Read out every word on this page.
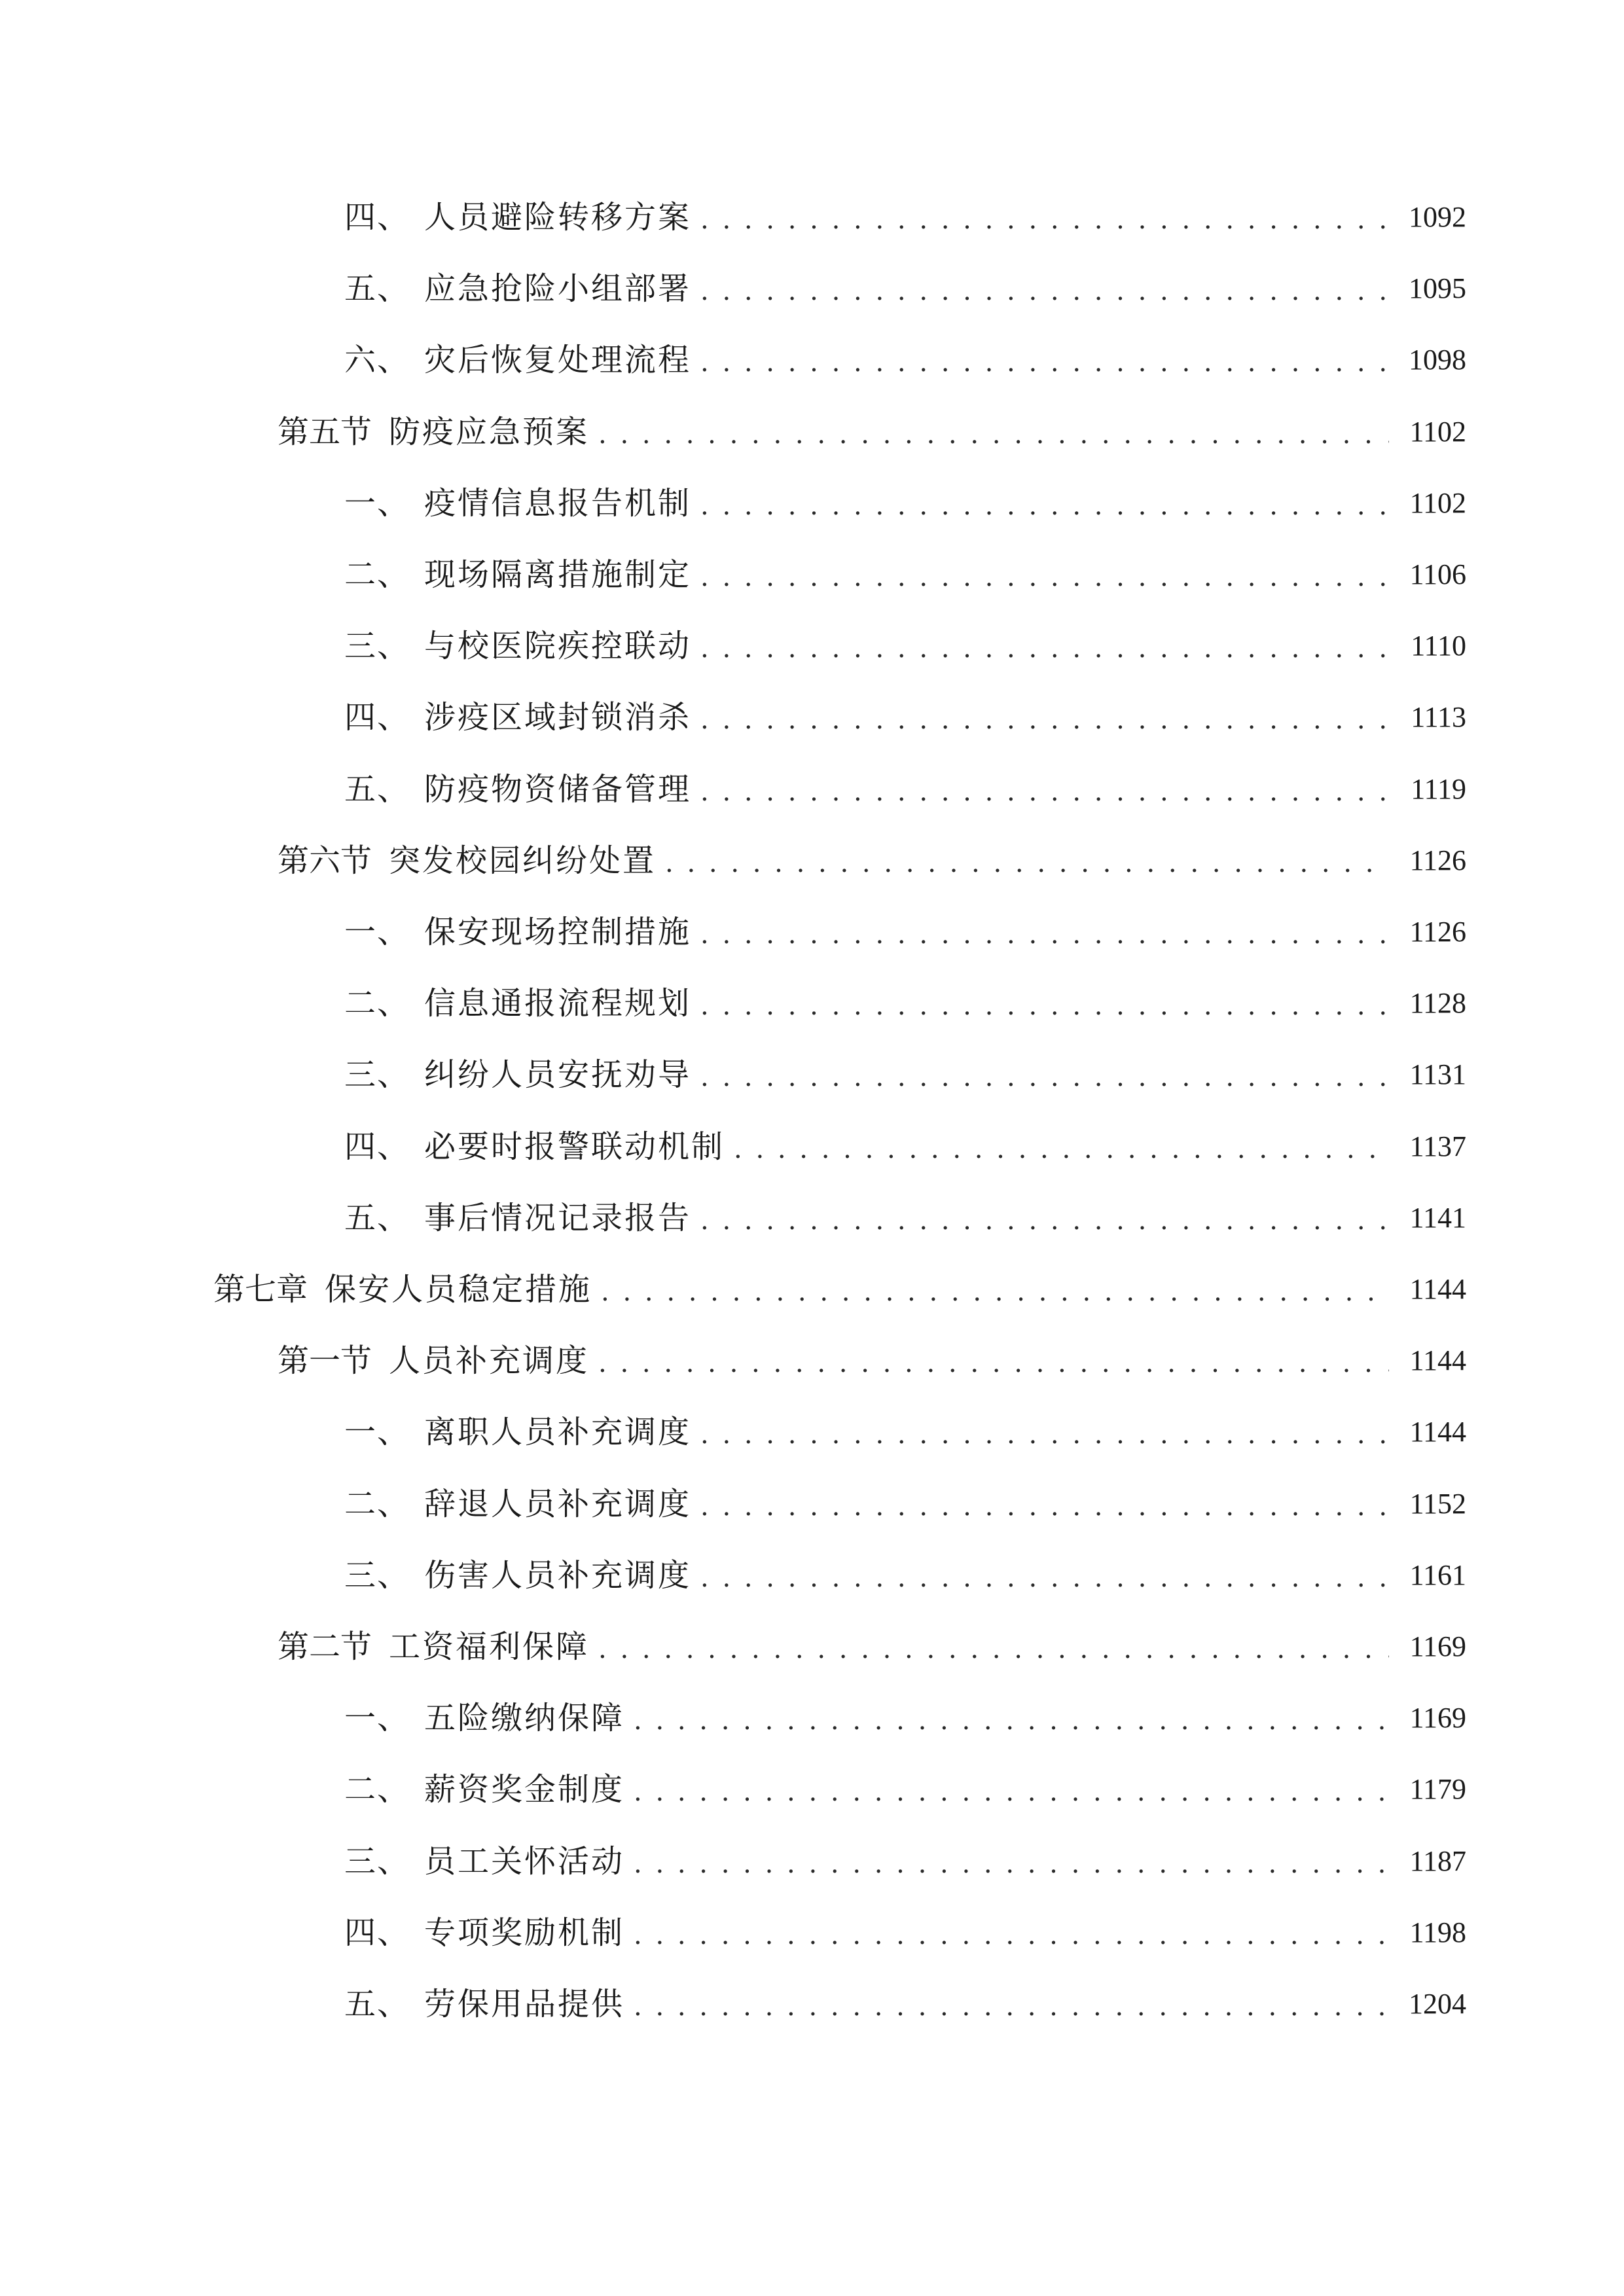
四、 人员避险转移方案 . . .	1092
五、 应急抢险小组部署 . . .	1095
六、 灾后恢复处理流程 . . .	1098
第五节 防疫应急预案 . . .	1102
一、 疫情信息报告机制 . . .	1102
二、 现场隔离措施制定 . . .	1106
三、 与校医院疾控联动 . . .	1110
四、 涉疫区域封锁消杀 . . .	1113
五、 防疫物资储备管理 . . .	1119
第六节 突发校园纠纷处置 . . .	1126
一、 保安现场控制措施 . . .	1126
二、 信息通报流程规划 . . .	1128
三、 纠纷人员安抚劝导 . . .	1131
四、 必要时报警联动机制 . . .	1137
五、 事后情况记录报告 . . .	1141
第七章 保安人员稳定措施 . . .	1144
第一节 人员补充调度 . . .	1144
一、 离职人员补充调度 . . .	1144
二、 辞退人员补充调度 . . .	1152
三、 伤害人员补充调度 . . .	1161
第二节 工资福利保障 . . .	1169
一、 五险缴纳保障 . . .	1169
二、 薪资奖金制度 . . .	1179
三、 员工关怀活动 . . .	1187
四、 专项奖励机制 . . .	1198
五、 劳保用品提供 . . .	1204
